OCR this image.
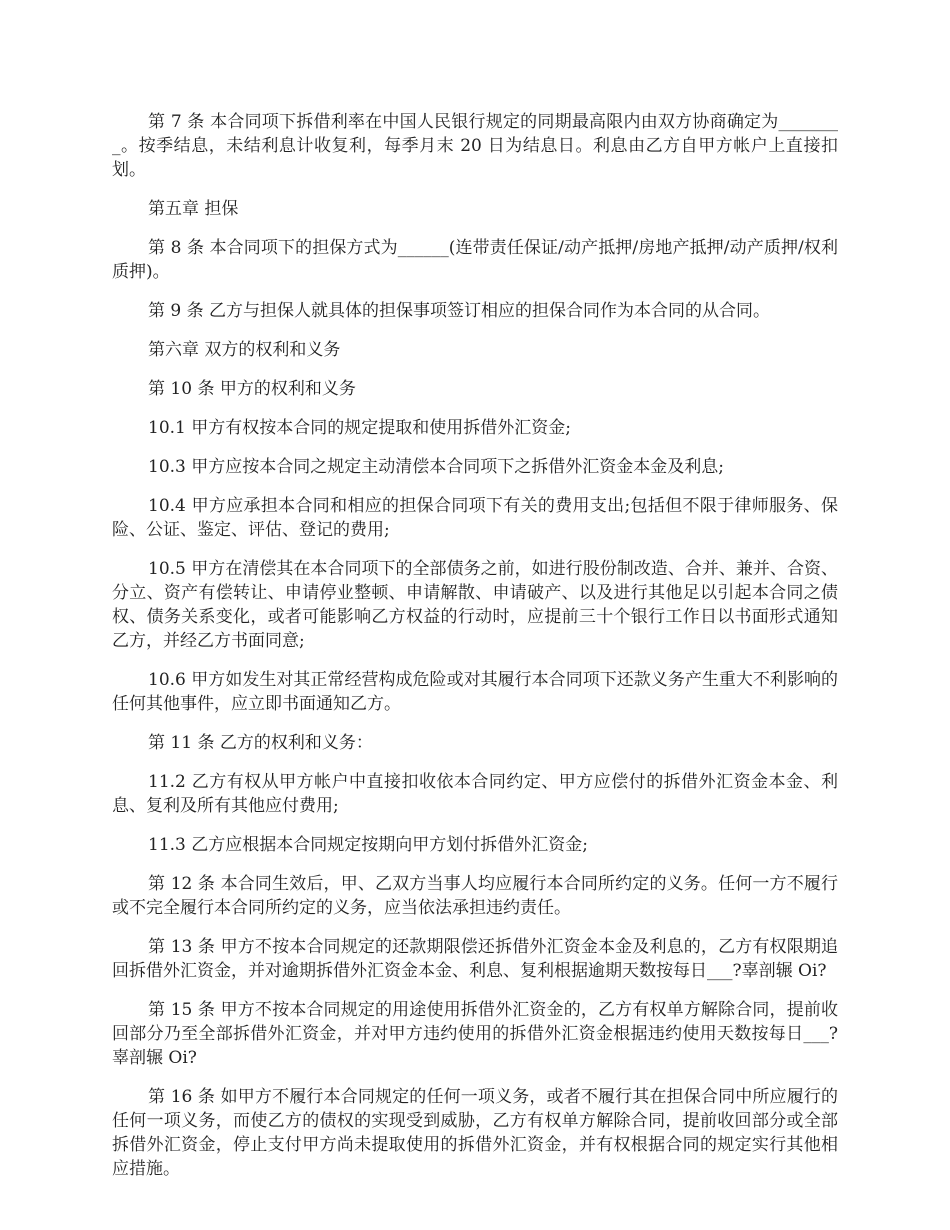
第 7 条 本合同项下拆借利率在中国人民银行规定的同期最高限内由双方协商确定为________。按季结息，未结利息计收复利，每季月末 20 日为结息日。利息由乙方自甲方帐户上直接扣划。

第五章 担保

第 8 条 本合同项下的担保方式为______(连带责任保证/动产抵押/房地产抵押/动产质押/权利质押)。

第 9 条 乙方与担保人就具体的担保事项签订相应的担保合同作为本合同的从合同。

第六章 双方的权利和义务

第 10 条 甲方的权利和义务

10.1 甲方有权按本合同的规定提取和使用拆借外汇资金;

10.3 甲方应按本合同之规定主动清偿本合同项下之拆借外汇资金本金及利息;

10.4 甲方应承担本合同和相应的担保合同项下有关的费用支出;包括但不限于律师服务、保险、公证、鉴定、评估、登记的费用;

10.5 甲方在清偿其在本合同项下的全部债务之前，如进行股份制改造、合并、兼并、合资、分立、资产有偿转让、申请停业整顿、申请解散、申请破产、以及进行其他足以引起本合同之债权、债务关系变化，或者可能影响乙方权益的行动时，应提前三十个银行工作日以书面形式通知乙方，并经乙方书面同意;

10.6 甲方如发生对其正常经营构成危险或对其履行本合同项下还款义务产生重大不利影响的任何其他事件，应立即书面通知乙方。

第 11 条 乙方的权利和义务：

11.2 乙方有权从甲方帐户中直接扣收依本合同约定、甲方应偿付的拆借外汇资金本金、利息、复利及所有其他应付费用;

11.3 乙方应根据本合同规定按期向甲方划付拆借外汇资金;

第 12 条 本合同生效后，甲、乙双方当事人均应履行本合同所约定的义务。任何一方不履行或不完全履行本合同所约定的义务，应当依法承担违约责任。

第 13 条 甲方不按本合同规定的还款期限偿还拆借外汇资金本金及利息的，乙方有权限期追回拆借外汇资金，并对逾期拆借外汇资金本金、利息、复利根据逾期天数按每日___?辜剖辗 Oi?

第 15 条 甲方不按本合同规定的用途使用拆借外汇资金的，乙方有权单方解除合同，提前收回部分乃至全部拆借外汇资金，并对甲方违约使用的拆借外汇资金根据违约使用天数按每日___?辜剖辗 Oi?

第 16 条 如甲方不履行本合同规定的任何一项义务，或者不履行其在担保合同中所应履行的任何一项义务，而使乙方的债权的实现受到威胁，乙方有权单方解除合同，提前收回部分或全部拆借外汇资金，停止支付甲方尚未提取使用的拆借外汇资金，并有权根据合同的规定实行其他相应措施。
